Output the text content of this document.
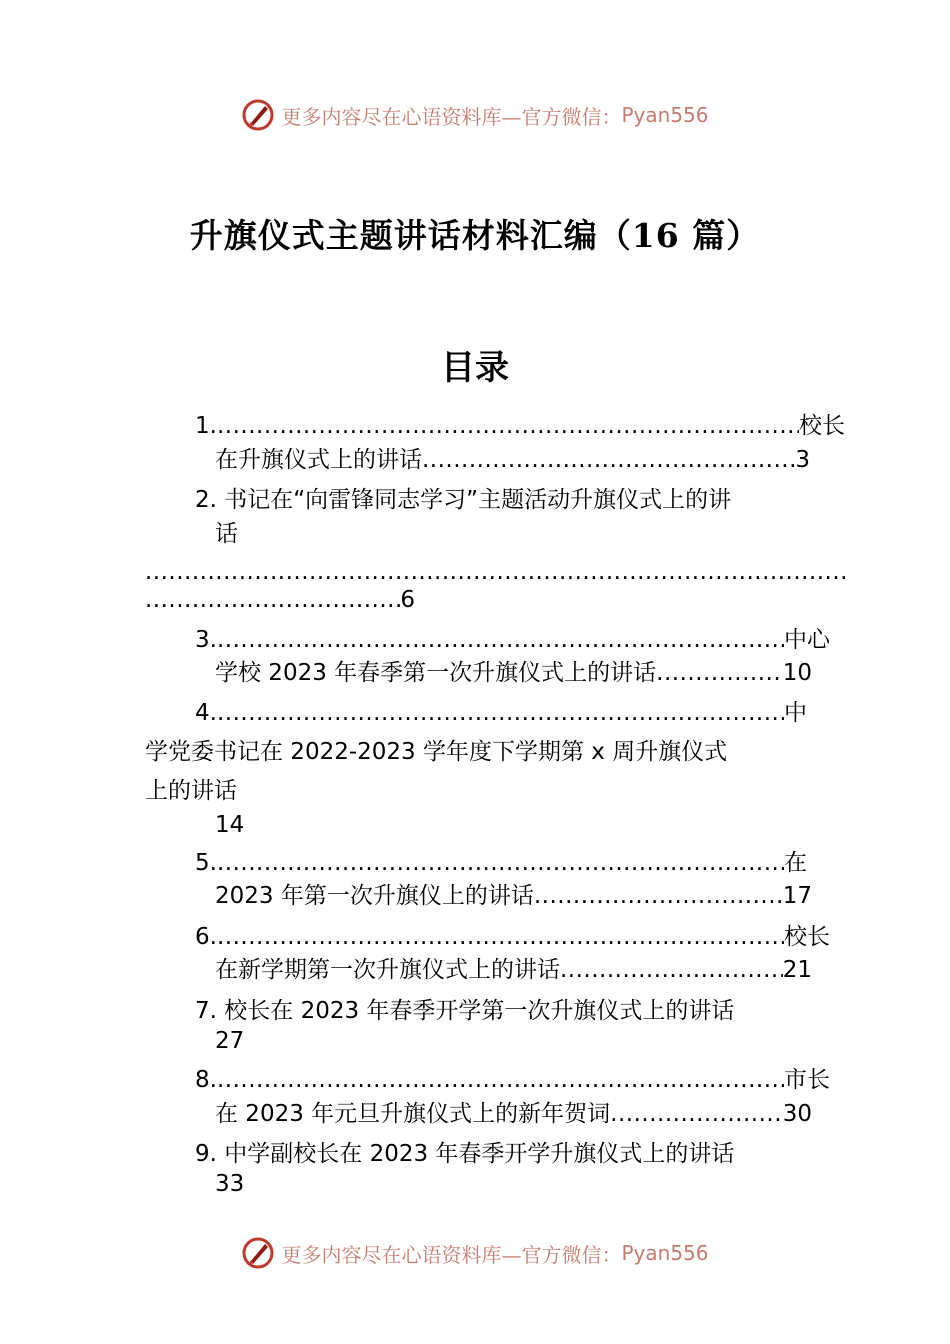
更多内容尽在心语资料库—官方微信： Pyan556
升旗仪式主题讲话材料汇编（16 篇）
目录
1. .....	校长
在升旗仪式上的讲话 .....	3
2. 书记在“向雷锋同志学习”主题活动升旗仪式上的讲
话
.....
.....
6
3. .....	中心
学校 2023 年春季第一次升旗仪式上的讲话 .....	10
4. .....	中
学党委书记在 2022-2023 学年度下学期第 x 周升旗仪式
上的讲话
14
5. .....	在
2023 年第一次升旗仪上的讲话 .....	17
6. .....	校长
在新学期第一次升旗仪式上的讲话 .....	21
7. 校长在 2023 年春季开学第一次升旗仪式上的讲话
27
8. .....	市长
在 2023 年元旦升旗仪式上的新年贺词 .....	30
9. 中学副校长在 2023 年春季开学升旗仪式上的讲话
33
更多内容尽在心语资料库—官方微信： Pyan556
